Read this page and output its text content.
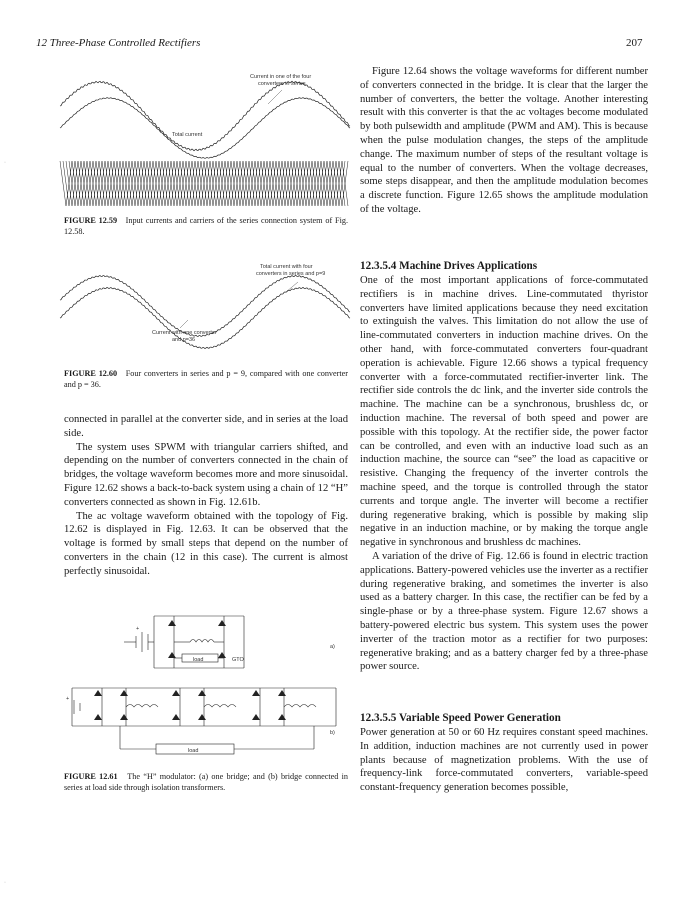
12 Three-Phase Controlled Rectifiers	207
Current in one of the four converters in series
Total current
FIGURE 12.59 Input currents and carriers of the series connection system of Fig. 12.58.
Total current with four converters in series and p=9
Current with one converter and p=36
FIGURE 12.60 Four converters in series and p = 9, compared with one converter and p = 36.

connected in parallel at the converter side, and in series at the load side.

The system uses SPWM with triangular carriers shifted, and depending on the number of converters connected in the chain of bridges, the voltage waveform becomes more and more sinusoidal. Figure 12.62 shows a back-to-back system using a chain of 12 “H” converters connected as shown in Fig. 12.61b.

The ac voltage waveform obtained with the topology of Fig. 12.62 is displayed in Fig. 12.63. It can be observed that the voltage is formed by small steps that depend on the number of converters in the chain (12 in this case). The current is almost perfectly sinusoidal.

+
+
load	GTO
a)
b)
load
FIGURE 12.61 The “H” modulator: (a) one bridge; and (b) bridge connected in series at load side through isolation transformers.

Figure 12.64 shows the voltage waveforms for different number of converters connected in the bridge. It is clear that the larger the number of converters, the better the voltage. Another interesting result with this converter is that the ac voltages become modulated by both pulsewidth and amplitude (PWM and AM). This is because when the pulse modulation changes, the steps of the amplitude change. The maximum number of steps of the resultant voltage is equal to the number of converters. When the voltage decreases, some steps disappear, and then the amplitude modulation becomes a discrete function. Figure 12.65 shows the amplitude modulation of the voltage.

12.3.5.4 Machine Drives Applications

One of the most important applications of force-commutated rectifiers is in machine drives. Line-commutated thyristor converters have limited applications because they need excitation to extinguish the valves. This limitation do not allow the use of line-commutated converters in induction machine drives. On the other hand, with force-commutated converters four-quadrant operation is achievable. Figure 12.66 shows a typical frequency converter with a force-commutated rectifier-inverter link. The rectifier side controls the dc link, and the inverter side controls the machine. The machine can be a synchronous, brushless dc, or induction machine. The reversal of both speed and power are possible with this topology. At the rectifier side, the power factor can be controlled, and even with an inductive load such as an induction machine, the source can “see” the load as capacitive or resistive. Changing the frequency of the inverter controls the machine speed, and the torque is controlled through the stator currents and torque angle. The inverter will become a rectifier during regenerative braking, which is possible by making slip negative in an induction machine, or by making the torque angle negative in synchronous and brushless dc machines.

A variation of the drive of Fig. 12.66 is found in electric traction applications. Battery-powered vehicles use the inverter as a rectifier during regenerative braking, and sometimes the inverter is also used as a battery charger. In this case, the rectifier can be fed by a single-phase or by a three-phase system. Figure 12.67 shows a battery-powered electric bus system. This system uses the power inverter of the traction motor as a rectifier for two purposes: regenerative braking; and as a battery charger fed by a three-phase power source.

12.3.5.5 Variable Speed Power Generation

Power generation at 50 or 60 Hz requires constant speed machines. In addition, induction machines are not currently used in power plants because of magnetization problems. With the use of frequency-link force-commutated converters, variable-speed constant-frequency generation becomes possible,

·
·
